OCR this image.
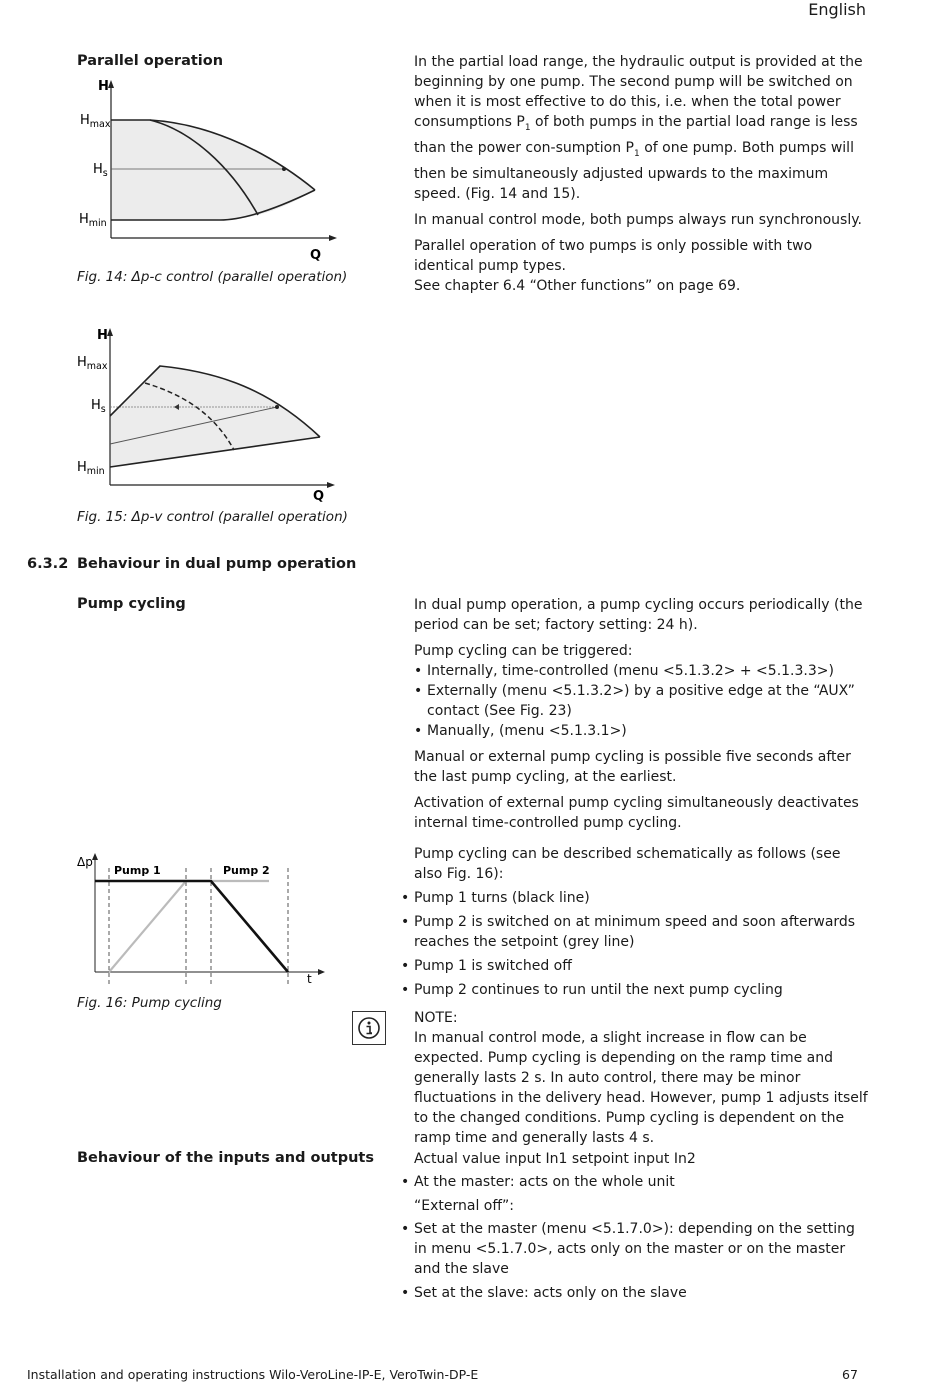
English
Parallel operation
H
Q
$H_{max}$
$H_s$
$H_{min}$
Fig. 14: Δp-c control (parallel operation)

In the partial load range, the hydraulic output is provided at the beginning by one pump. The second pump will be switched on when it is most effective to do this, i.e. when the total power consumptions $P_1$ of both pumps in the partial load range is less than the power con-sumption $P_1$ of one pump. Both pumps will then be simultaneously adjusted upwards to the maximum speed. (Fig. 14 and 15).

In manual control mode, both pumps always run synchronously.

Parallel operation of two pumps is only possible with two identical pump types.

See chapter 6.4 “Other functions” on page 69.

H
Q
$H_{max}$
$H_s$
$H_{min}$
Fig. 15: Δp-v control (parallel operation)
6.3.2 Behaviour in dual pump operation
Pump cycling	In dual pump operation, a pump cycling occurs periodically (the period can be set; factory setting: 24 h).

Pump cycling can be triggered:

• Internally, time-controlled (menu <5.1.3.2> + <5.1.3.3>)
• Externally (menu <5.1.3.2>) by a positive edge at the “AUX” contact (See Fig. 23)
• Manually, (menu <5.1.3.1>)

Manual or external pump cycling is possible five seconds after the last pump cycling, at the earliest.

Activation of external pump cycling simultaneously deactivates internal time-controlled pump cycling.

Pump cycling can be described schematically as follows (see also Fig. 16):

• Pump 1 turns (black line)
• Pump 2 is switched on at minimum speed and soon afterwards reaches the setpoint (grey line)
• Pump 1 is switched off
• Pump 2 continues to run until the next pump cycling
Δp
t
Pump 1	Pump 2
Fig. 16: Pump cycling
NOTE:
In manual control mode, a slight increase in flow can be expected. Pump cycling is depending on the ramp time and generally lasts 2 s. In auto control, there may be minor fluctuations in the delivery head. However, pump 1 adjusts itself to the changed conditions. Pump cycling is dependent on the ramp time and generally lasts 4 s.
Behaviour of the inputs and outputs	Actual value input In1 setpoint input In2

• At the master: acts on the whole unit

“External off”:

• Set at the master (menu <5.1.7.0>): depending on the setting in menu <5.1.7.0>, acts only on the master or on the master and the slave
• Set at the slave: acts only on the slave
Installation and operating instructions Wilo-VeroLine-IP-E, VeroTwin-DP-E	67
